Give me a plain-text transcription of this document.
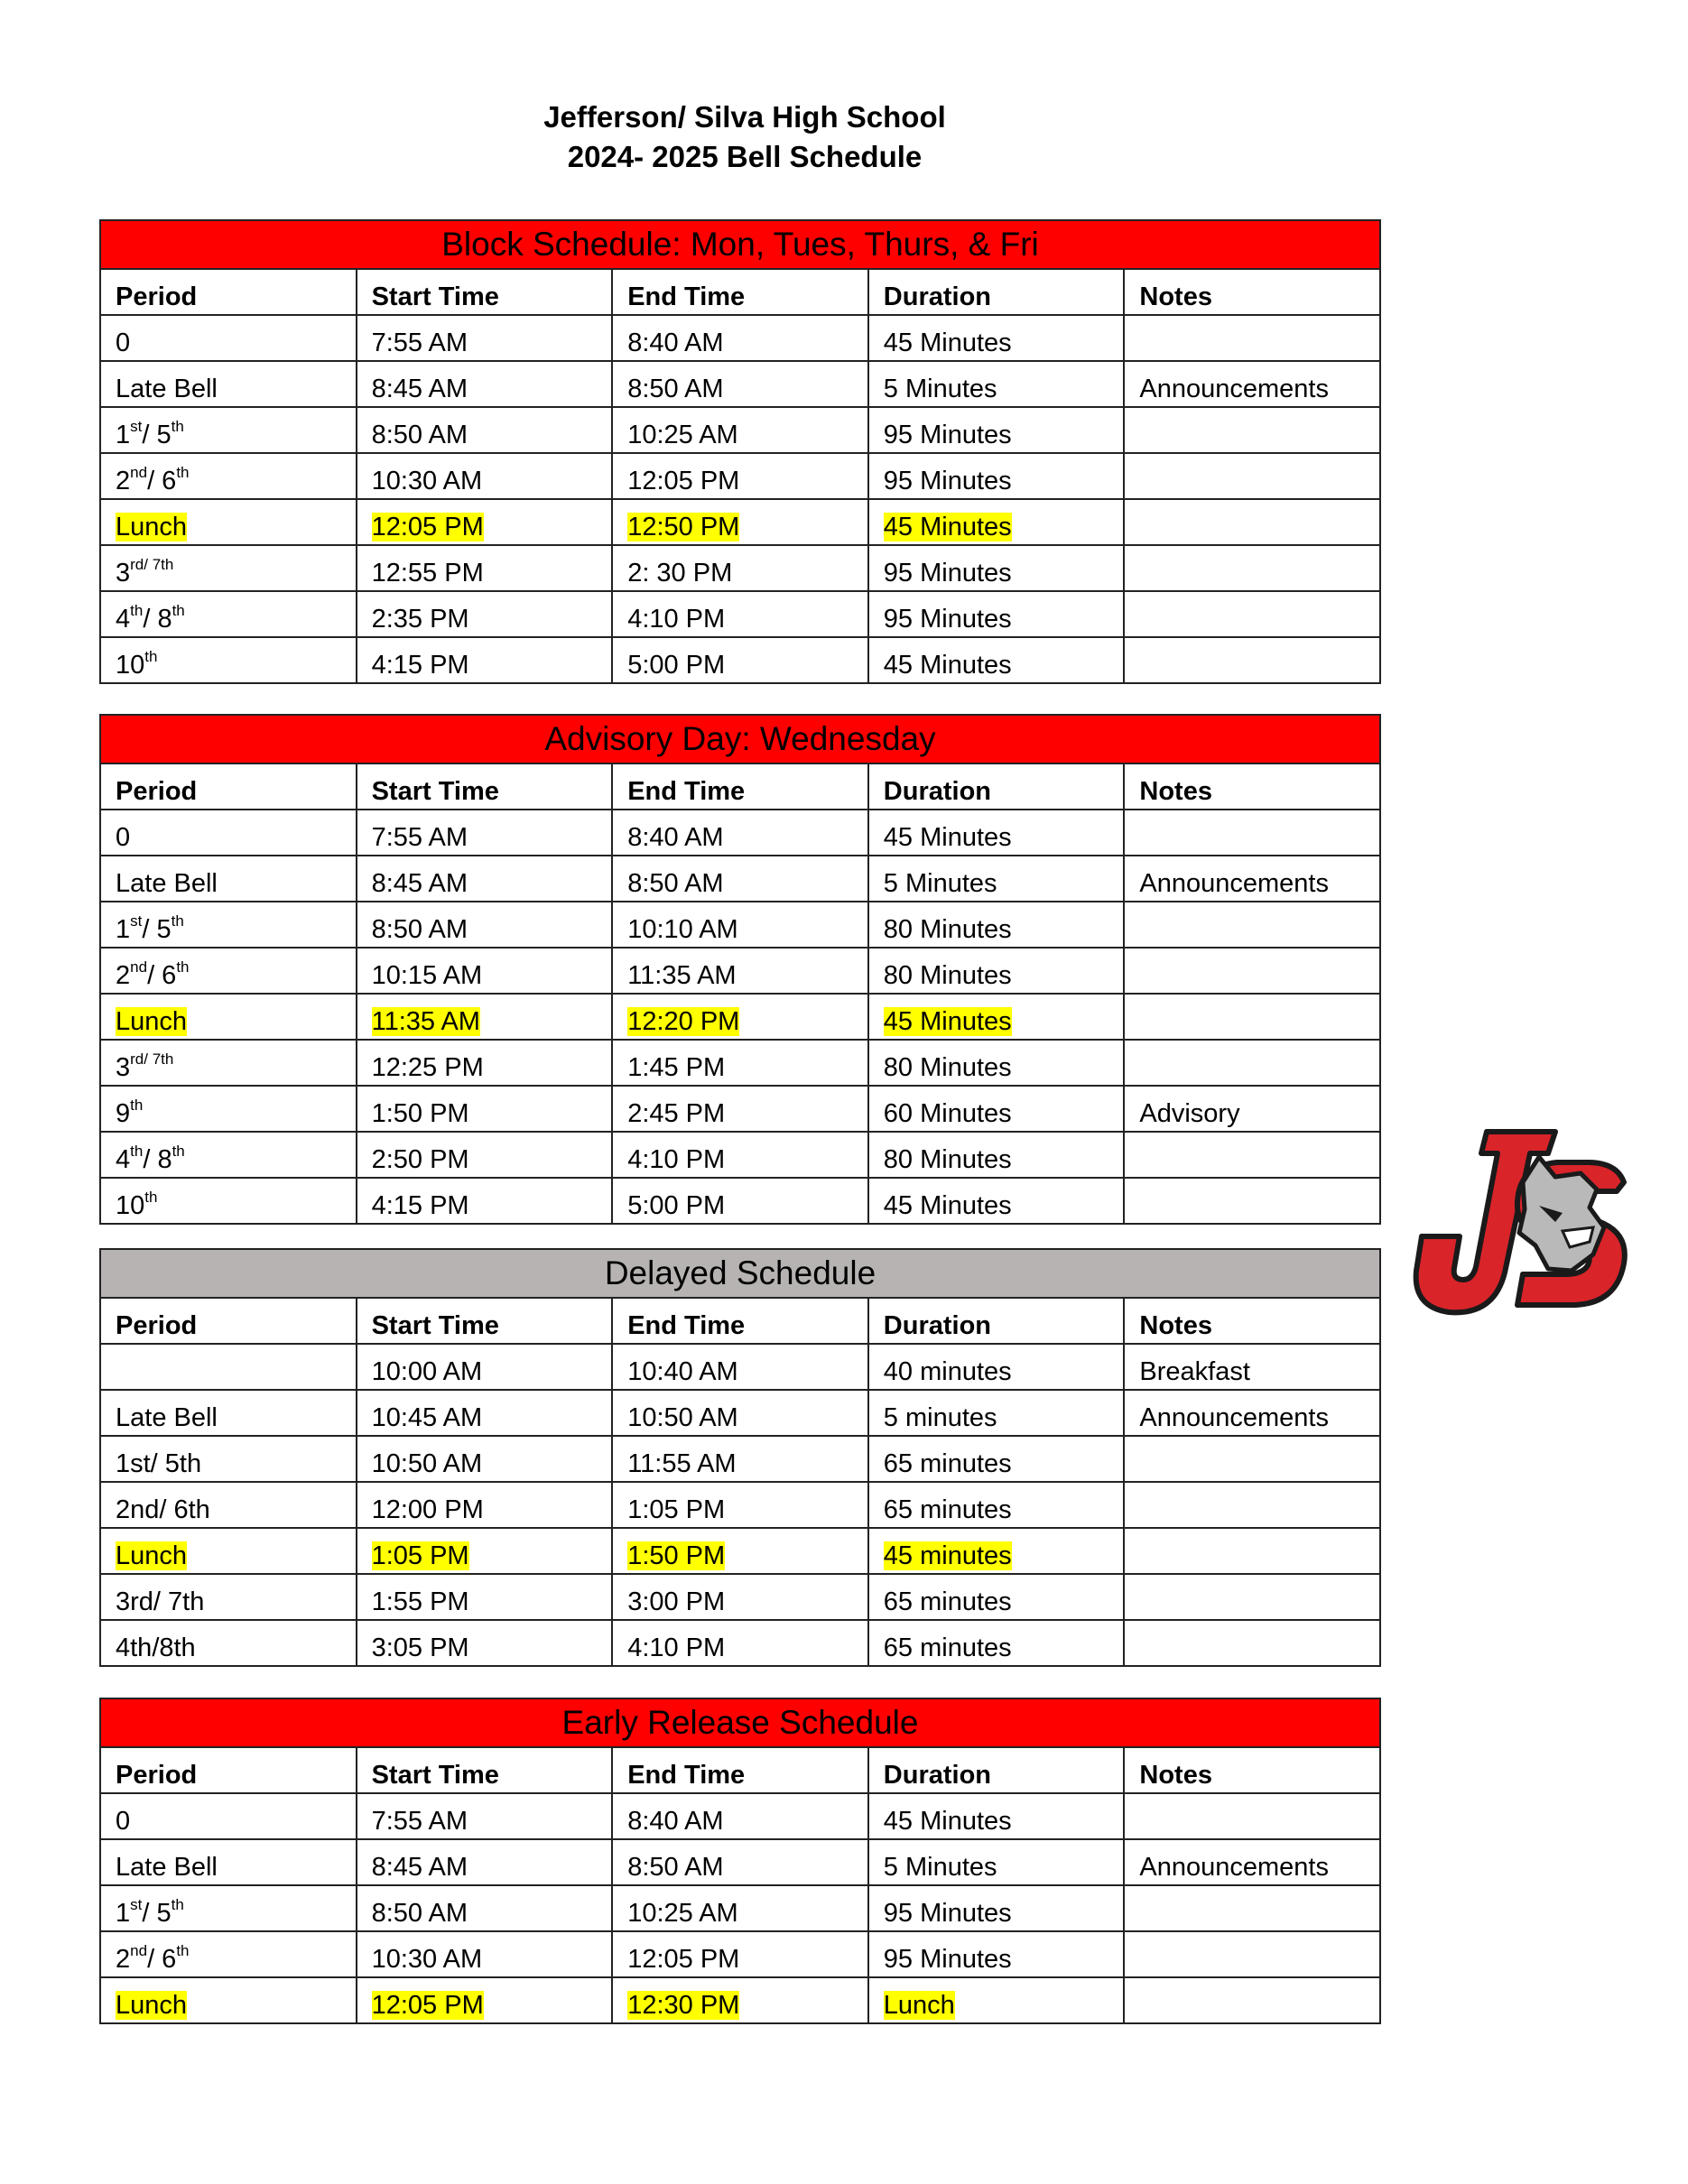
Jefferson/ Silva High School
2024- 2025 Bell Schedule
Block Schedule: Mon, Tues, Thurs, & Fri				
Period	Start Time	End Time	Duration	Notes
0	7:55 AM	8:40 AM	45 Minutes	
Late Bell	8:45 AM	8:50 AM	5 Minutes	Announcements
1st/ 5th	8:50 AM	10:25 AM	95 Minutes	
2nd/ 6th	10:30 AM	12:05 PM	95 Minutes	
Lunch	12:05 PM	12:50 PM	45 Minutes	
$3^{rd/ 7th}$	12:55 PM	2: 30 PM	95 Minutes	
4th/ 8th	2:35 PM	4:10 PM	95 Minutes	
10th	4:15 PM	5:00 PM	45 Minutes	
Advisory Day: Wednesday				
Period	Start Time	End Time	Duration	Notes
0	7:55 AM	8:40 AM	45 Minutes	
Late Bell	8:45 AM	8:50 AM	5 Minutes	Announcements
1st/ 5th	8:50 AM	10:10 AM	80 Minutes	
2nd/ 6th	10:15 AM	11:35 AM	80 Minutes	
Lunch	11:35 AM	12:20 PM	45 Minutes	
$3^{rd/ 7th}$	12:25 PM	1:45 PM	80 Minutes	
9th	1:50 PM	2:45 PM	60 Minutes	Advisory
4th/ 8th	2:50 PM	4:10 PM	80 Minutes	
10th	4:15 PM	5:00 PM	45 Minutes	
Delayed Schedule				
Period	Start Time	End Time	Duration	Notes
	10:00 AM	10:40 AM	40 minutes	Breakfast
Late Bell	10:45 AM	10:50 AM	5 minutes	Announcements
1st/ 5th	10:50 AM	11:55 AM	65 minutes	
2nd/ 6th	12:00 PM	1:05 PM	65 minutes	
Lunch	1:05 PM	1:50 PM	45 minutes	
3rd/ 7th	1:55 PM	3:00 PM	65 minutes	
4th/8th	3:05 PM	4:10 PM	65 minutes	
Early Release Schedule				
Period	Start Time	End Time	Duration	Notes
0	7:55 AM	8:40 AM	45 Minutes	
Late Bell	8:45 AM	8:50 AM	5 Minutes	Announcements
1st/ 5th	8:50 AM	10:25 AM	95 Minutes	
2nd/ 6th	10:30 AM	12:05 PM	95 Minutes	
Lunch	12:05 PM	12:30 PM	Lunch	
